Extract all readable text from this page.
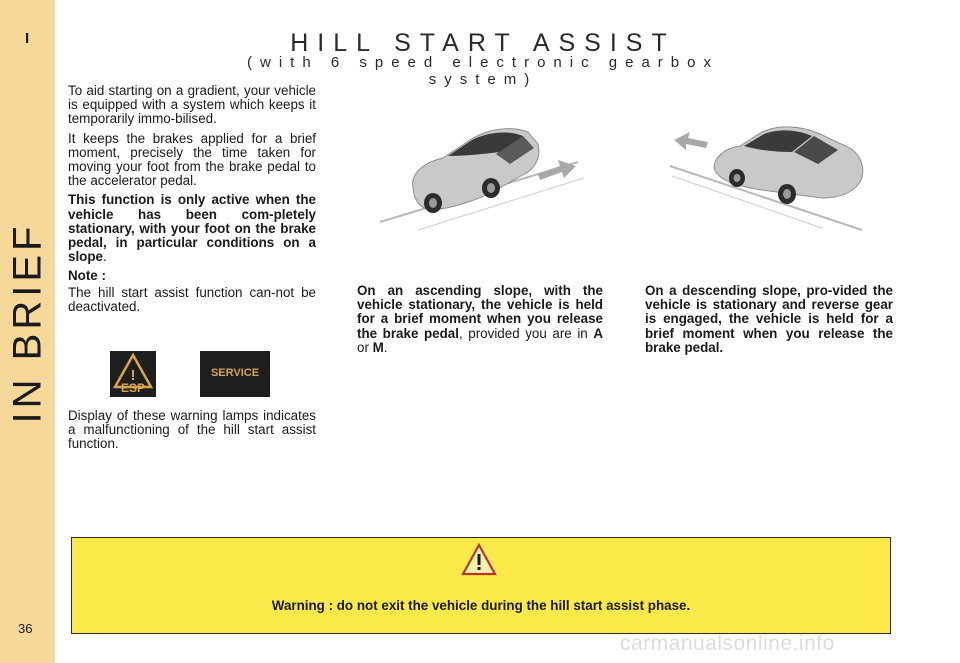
I
IN BRIEF
36
HILL START ASSIST
(with 6 speed electronic gearbox system)

To aid starting on a gradient, your vehicle is equipped with a system which keeps it temporarily immo-bilised.

It keeps the brakes applied for a brief moment, precisely the time taken for moving your foot from the brake pedal to the accelerator pedal.

This function is only active when the vehicle has been com-pletely stationary, with your foot on the brake pedal, in particular conditions on a slope.

Note :

The hill start assist function can-not be deactivated.

!
ESP
SERVICE
Display of these warning lamps indicates a malfunctioning of the hill start assist function.
On an ascending slope, with the vehicle stationary, the vehicle is held for a brief moment when you release the brake pedal, provided you are in A or M.
On a descending slope, pro-vided the vehicle is stationary and reverse gear is engaged, the vehicle is held for a brief moment when you release the brake pedal.
Warning : do not exit the vehicle during the hill start assist phase.
carmanualsonline.info
